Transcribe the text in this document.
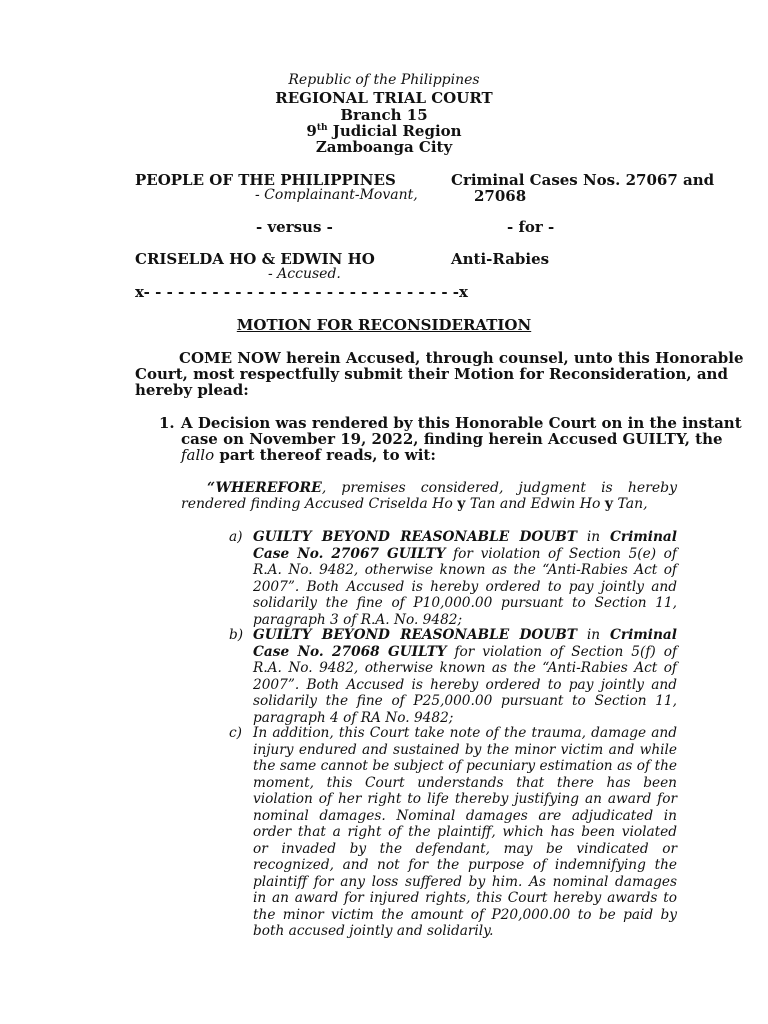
Republic of the Philippines
REGIONAL TRIAL COURT
Branch 15
9th Judicial Region
Zamboanga City
PEOPLE OF THE PHILIPPINES
- Complainant-Movant,
Criminal Cases Nos. 27067 and
27068
- versus -	- for -
CRISELDA HO & EDWIN HO	Anti-Rabies
- Accused.
x- - - - - - - - - - - - - - - - - - - - - - - - - - - -x
MOTION FOR RECONSIDERATION
COME NOW herein Accused, through counsel, unto this Honorable
Court, most respectfully submit their Motion for Reconsideration, and
hereby plead:
1. A Decision was rendered by this Honorable Court on in the instant
case on November 19, 2022, finding herein Accused GUILTY, the
fallo part thereof reads, to wit:
“WHEREFORE, premises considered, judgment is hereby
rendered finding Accused Criselda Ho y Tan and Edwin Ho y Tan,
a) GUILTY BEYOND REASONABLE DOUBT in Criminal
Case No. 27067 GUILTY for violation of Section 5(e) of
R.A. No. 9482, otherwise known as the “Anti-Rabies Act of
2007”. Both Accused is hereby ordered to pay jointly and
solidarily the fine of P10,000.00 pursuant to Section 11,
paragraph 3 of R.A. No. 9482;
b) GUILTY BEYOND REASONABLE DOUBT in Criminal
Case No. 27068 GUILTY for violation of Section 5(f) of
R.A. No. 9482, otherwise known as the “Anti-Rabies Act of
2007”. Both Accused is hereby ordered to pay jointly and
solidarily the fine of P25,000.00 pursuant to Section 11,
paragraph 4 of RA No. 9482;
c) In addition, this Court take note of the trauma, damage and
injury endured and sustained by the minor victim and while
the same cannot be subject of pecuniary estimation as of the
moment, this Court understands that there has been
violation of her right to life thereby justifying an award for
nominal damages. Nominal damages are adjudicated in
order that a right of the plaintiff, which has been violated
or invaded by the defendant, may be vindicated or
recognized, and not for the purpose of indemnifying the
plaintiff for any loss suffered by him. As nominal damages
in an award for injured rights, this Court hereby awards to
the minor victim the amount of P20,000.00 to be paid by
both accused jointly and solidarily.
